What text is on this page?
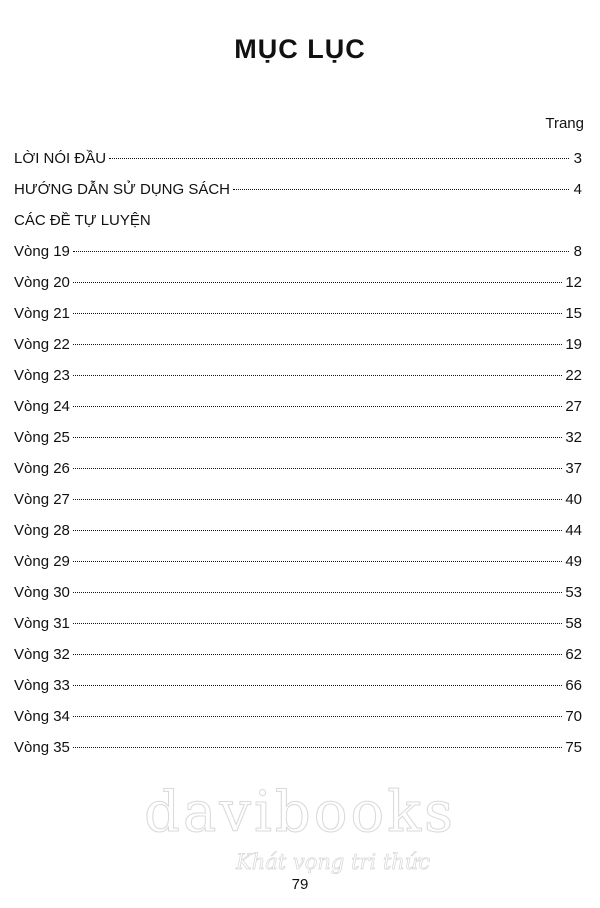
MỤC LỤC
Trang
LỜI NÓI ĐẦU	3
HƯỚNG DẪN SỬ DỤNG SÁCH	4
CÁC ĐỀ TỰ LUYỆN
Vòng 19	8
Vòng 20	12
Vòng 21	15
Vòng 22	19
Vòng 23	22
Vòng 24	27
Vòng 25	32
Vòng 26	37
Vòng 27	40
Vòng 28	44
Vòng 29	49
Vòng 30	53
Vòng 31	58
Vòng 32	62
Vòng 33	66
Vòng 34	70
Vòng 35	75
davibooks
Khát vọng tri thức
79
